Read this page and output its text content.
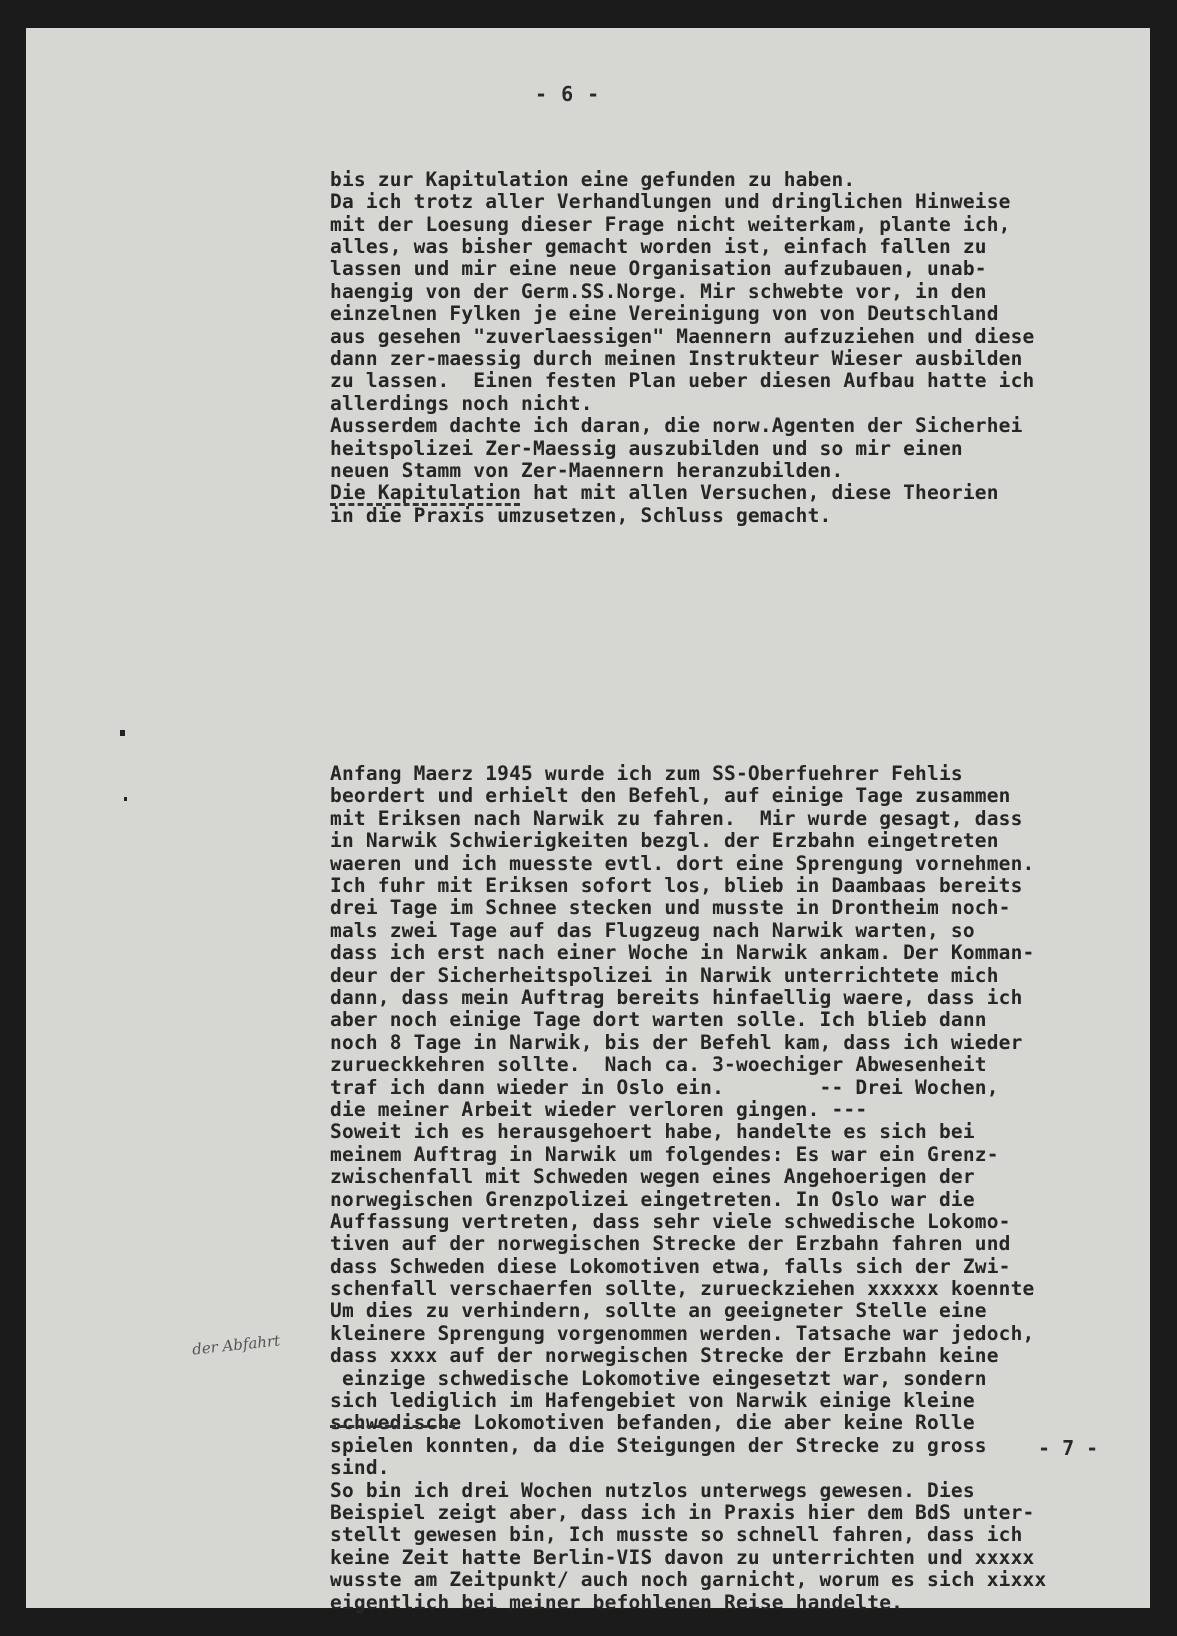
- 6 -

bis zur Kapitulation eine gefunden zu haben.
Da ich trotz aller Verhandlungen und dringlichen Hinweise
mit der Loesung dieser Frage nicht weiterkam, plante ich,
alles, was bisher gemacht worden ist, einfach fallen zu
lassen und mir eine neue Organisation aufzubauen, unab-
haengig von der Germ.SS.Norge. Mir schwebte vor, in den
einzelnen Fylken je eine Vereinigung von von Deutschland
aus gesehen "zuverlaessigen" Maennern aufzuziehen und diese
dann zer-maessig durch meinen Instrukteur Wieser ausbilden
zu lassen.  Einen festen Plan ueber diesen Aufbau hatte ich
allerdings noch nicht.
Ausserdem dachte ich daran, die norw.Agenten der Sicherhei
heitspolizei Zer-Maessig auszubilden und so mir einen
neuen Stamm von Zer-Maennern heranzubilden.
Die Kapitulation hat mit allen Versuchen, diese Theorien
in die Praxis umzusetzen, Schluss gemacht.

Anfang Maerz 1945 wurde ich zum SS-Oberfuehrer Fehlis
beordert und erhielt den Befehl, auf einige Tage zusammen
mit Eriksen nach Narwik zu fahren.  Mir wurde gesagt, dass
in Narwik Schwierigkeiten bezgl. der Erzbahn eingetreten
waeren und ich muesste evtl. dort eine Sprengung vornehmen.
Ich fuhr mit Eriksen sofort los, blieb in Daambaas bereits
drei Tage im Schnee stecken und musste in Drontheim noch-
mals zwei Tage auf das Flugzeug nach Narwik warten, so
dass ich erst nach einer Woche in Narwik ankam. Der Komman-
deur der Sicherheitspolizei in Narwik unterrichtete mich
dann, dass mein Auftrag bereits hinfaellig waere, dass ich
aber noch einige Tage dort warten solle. Ich blieb dann
noch 8 Tage in Narwik, bis der Befehl kam, dass ich wieder
zurueckkehren sollte.  Nach ca. 3-woechiger Abwesenheit
traf ich dann wieder in Oslo ein.        -- Drei Wochen,
die meiner Arbeit wieder verloren gingen. ---
Soweit ich es herausgehoert habe, handelte es sich bei
meinem Auftrag in Narwik um folgendes: Es war ein Grenz-
zwischenfall mit Schweden wegen eines Angehoerigen der
norwegischen Grenzpolizei eingetreten. In Oslo war die
Auffassung vertreten, dass sehr viele schwedische Lokomo-
tiven auf der norwegischen Strecke der Erzbahn fahren und
dass Schweden diese Lokomotiven etwa, falls sich der Zwi-
schenfall verschaerfen sollte, zurueckziehen xxxxxx koennte
Um dies zu verhindern, sollte an geeigneter Stelle eine
kleinere Sprengung vorgenommen werden. Tatsache war jedoch,
dass xxxx auf der norwegischen Strecke der Erzbahn keine
einzige schwedische Lokomotive eingesetzt war, sondern
sich lediglich im Hafengebiet von Narwik einige kleine
schwedische Lokomotiven befanden, die aber keine Rolle
spielen konnten, da die Steigungen der Strecke zu gross
sind.
So bin ich drei Wochen nutzlos unterwegs gewesen. Dies
Beispiel zeigt aber, dass ich in Praxis hier dem BdS unter-
stellt gewesen bin, Ich musste so schnell fahren, dass ich
keine Zeit hatte Berlin-VIS davon zu unterrichten und xxxxx
wusste am Zeitpunkt/ auch noch garnicht, worum es sich xixxx
eigentlich bei meiner befohlenen Reise handelte.

der Abfahrt
- 7 -
